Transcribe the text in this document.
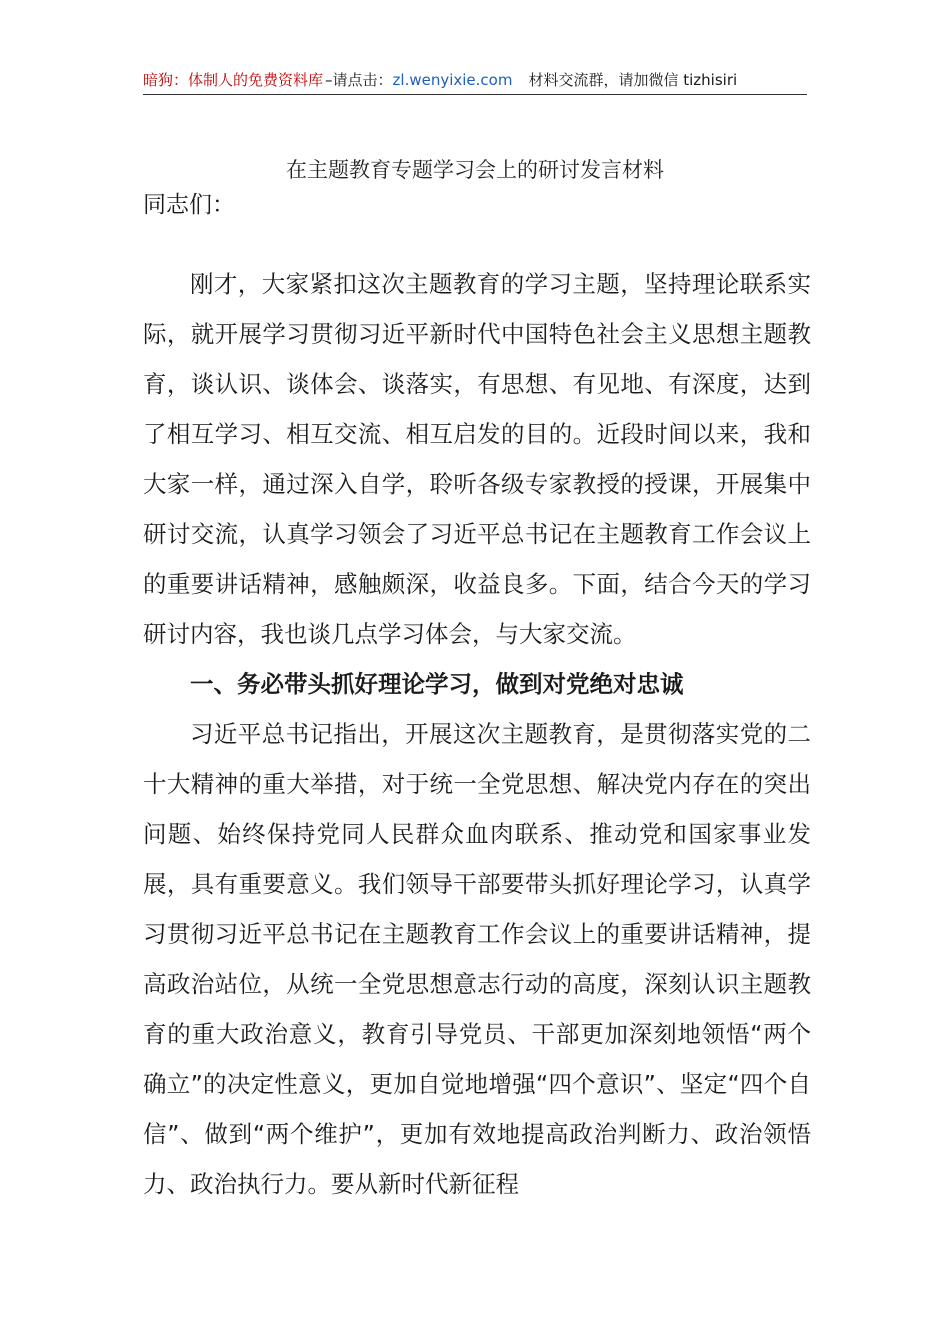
暗狗：体制人的免费资料库 –请点击：zl.wenyixie.com 材料交流群，请加微信 tizhisiri
在主题教育专题学习会上的研讨发言材料
同志们：

刚才，大家紧扣这次主题教育的学习主题，坚持理论联系实际，就开展学习贯彻习近平新时代中国特色社会主义思想主题教育，谈认识、谈体会、谈落实，有思想、有见地、有深度，达到了相互学习、相互交流、相互启发的目的。近段时间以来，我和大家一样，通过深入自学，聆听各级专家教授的授课，开展集中研讨交流，认真学习领会了习近平总书记在主题教育工作会议上的重要讲话精神，感触颇深，收益良多。下面，结合今天的学习研讨内容，我也谈几点学习体会，与大家交流。

一、务必带头抓好理论学习，做到对党绝对忠诚

习近平总书记指出，开展这次主题教育，是贯彻落实党的二十大精神的重大举措，对于统一全党思想、解决党内存在的突出问题、始终保持党同人民群众血肉联系、推动党和国家事业发展，具有重要意义。我们领导干部要带头抓好理论学习，认真学习贯彻习近平总书记在主题教育工作会议上的重要讲话精神，提高政治站位，从统一全党思想意志行动的高度，深刻认识主题教育的重大政治意义，教育引导党员、干部更加深刻地领悟“两个确立”的决定性意义，更加自觉地增强“四个意识”、坚定“四个自信”、做到“两个维护”，更加有效地提高政治判断力、政治领悟力、政治执行力。要从新时代新征程
